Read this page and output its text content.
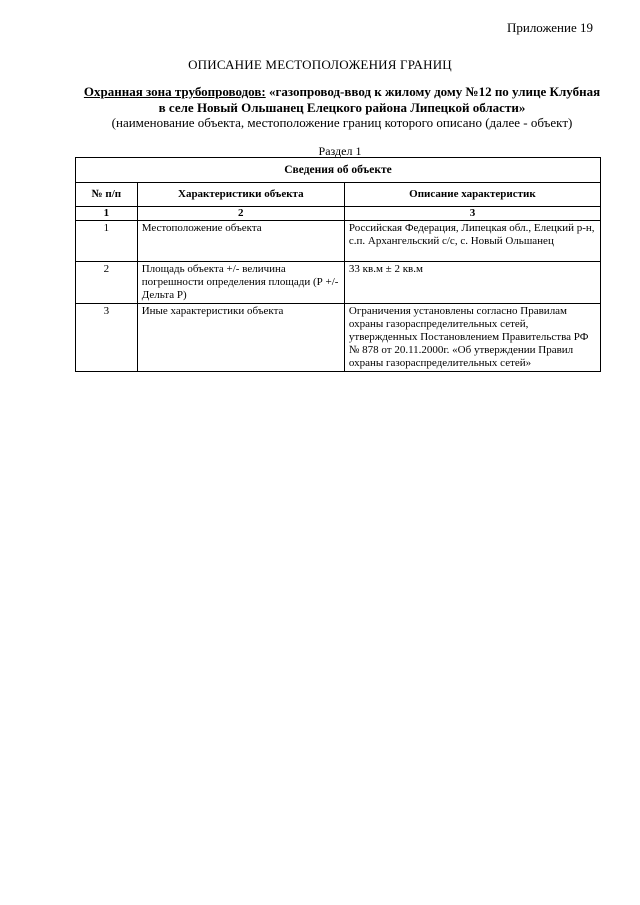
Приложение 19
ОПИСАНИЕ МЕСТОПОЛОЖЕНИЯ ГРАНИЦ
Охранная зона трубопроводов: «газопровод-ввод к жилому дому №12 по улице Клубная
в селе Новый Ольшанец Елецкого района Липецкой области»
(наименование объекта, местоположение границ которого описано (далее - объект)
Раздел 1
Сведения об объекте		
№ п/п	Характеристики объекта	Описание характеристик
1	2	3
1	Местоположение объекта	Российская Федерация, Липецкая обл., Елецкий р-н, с.п. Архангельский с/с, с. Новый Ольшанец
2	Площадь объекта +/- величина погрешности определения площади (Р +/- Дельта Р)	33 кв.м ± 2 кв.м
3	Иные характеристики объекта	Ограничения установлены согласно Правилам охраны газораспределительных сетей, утвержденных Постановлением Правительства РФ № 878 от 20.11.2000г. «Об утверждении Правил охраны газораспределительных сетей»
